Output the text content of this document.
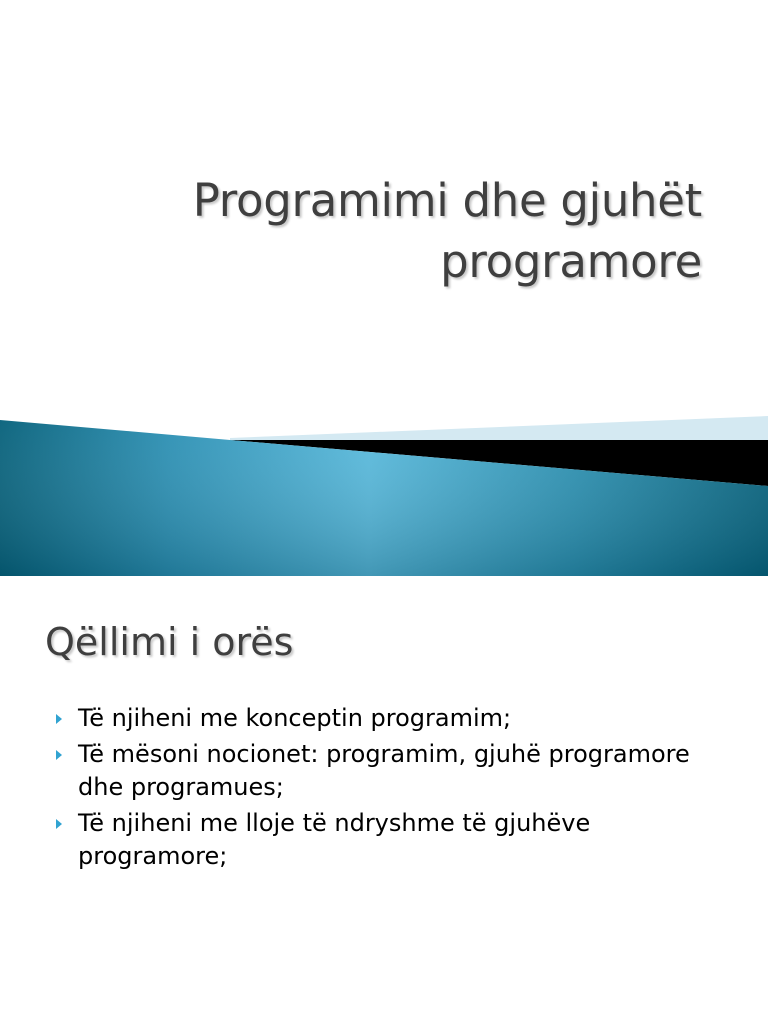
Programimi dhe gjuhët
programore
Qëllimi i orës
Të njiheni me konceptin programim;
Të mësoni nocionet: programim, gjuhë programore dhe programues;
Të njiheni me lloje të ndryshme të gjuhëve programore;
